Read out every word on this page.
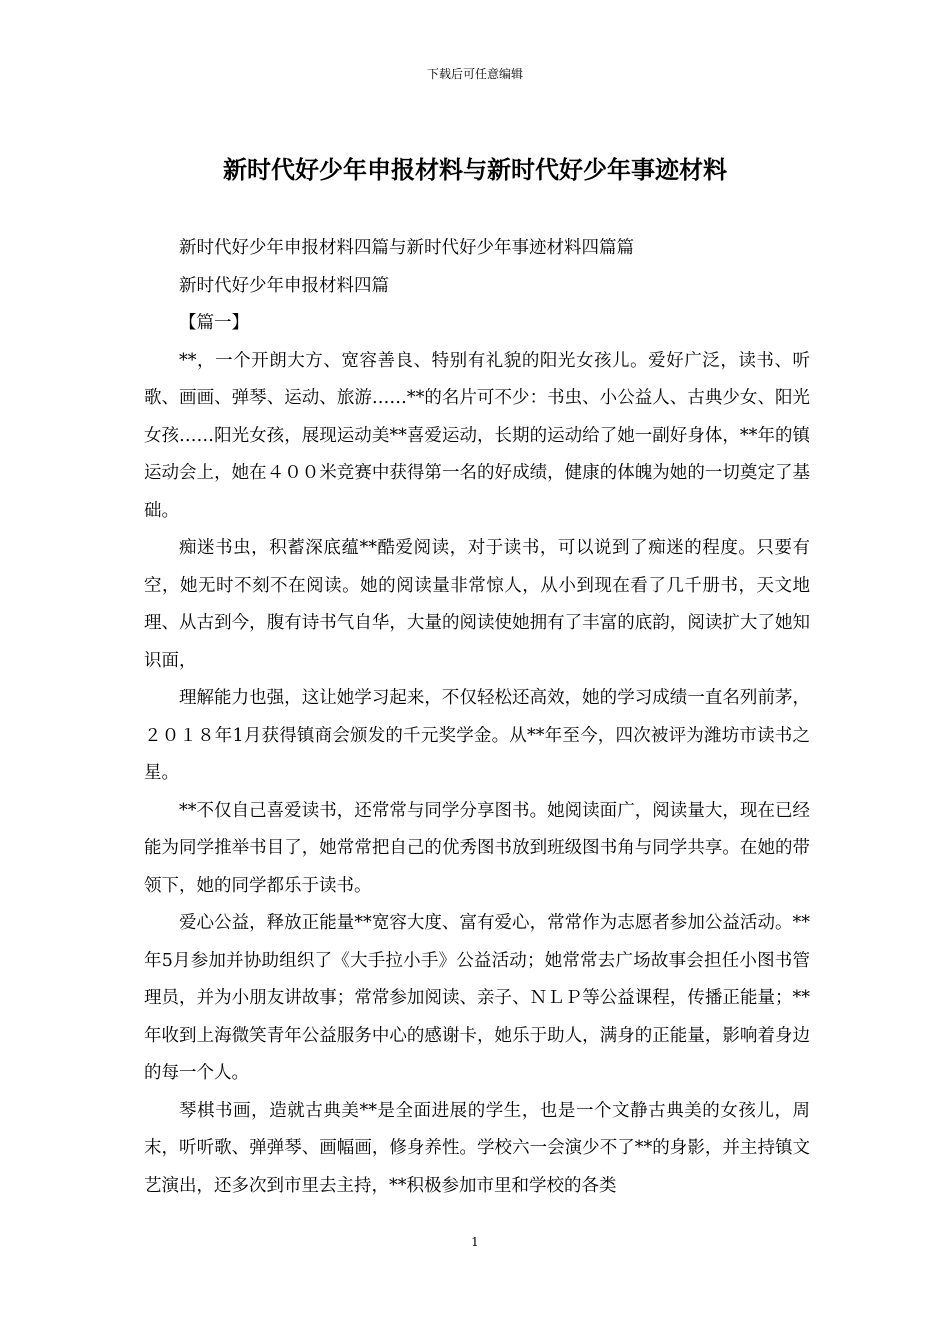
下载后可任意编辑
新时代好少年申报材料与新时代好少年事迹材料

新时代好少年申报材料四篇与新时代好少年事迹材料四篇篇

新时代好少年申报材料四篇

【篇一】

**，一个开朗大方、宽容善良、特别有礼貌的阳光女孩儿。爱好广泛，读书、听歌、画画、弹琴、运动、旅游……**的名片可不少：书虫、小公益人、古典少女、阳光女孩……阳光女孩，展现运动美**喜爱运动，长期的运动给了她一副好身体，**年的镇运动会上，她在４００米竞赛中获得第一名的好成绩，健康的体魄为她的一切奠定了基础。

痴迷书虫，积蓄深底蕴**酷爱阅读，对于读书，可以说到了痴迷的程度。只要有空，她无时不刻不在阅读。她的阅读量非常惊人，从小到现在看了几千册书，天文地理、从古到今，腹有诗书气自华，大量的阅读使她拥有了丰富的底韵，阅读扩大了她知识面，

理解能力也强，这让她学习起来，不仅轻松还高效，她的学习成绩一直名列前茅，２０１８年1月获得镇商会颁发的千元奖学金。从**年至今，四次被评为潍坊市读书之星。

**不仅自己喜爱读书，还常常与同学分享图书。她阅读面广，阅读量大，现在已经能为同学推举书目了，她常常把自己的优秀图书放到班级图书角与同学共享。在她的带领下，她的同学都乐于读书。

爱心公益，释放正能量**宽容大度、富有爱心，常常作为志愿者参加公益活动。**年5月参加并协助组织了《大手拉小手》公益活动；她常常去广场故事会担任小图书管理员，并为小朋友讲故事；常常参加阅读、亲子、ＮＬＰ等公益课程，传播正能量；**年收到上海微笑青年公益服务中心的感谢卡，她乐于助人，满身的正能量，影响着身边的每一个人。

琴棋书画，造就古典美**是全面进展的学生，也是一个文静古典美的女孩儿，周末，听听歌、弹弹琴、画幅画，修身养性。学校六一会演少不了**的身影，并主持镇文艺演出，还多次到市里去主持，**积极参加市里和学校的各类

1
